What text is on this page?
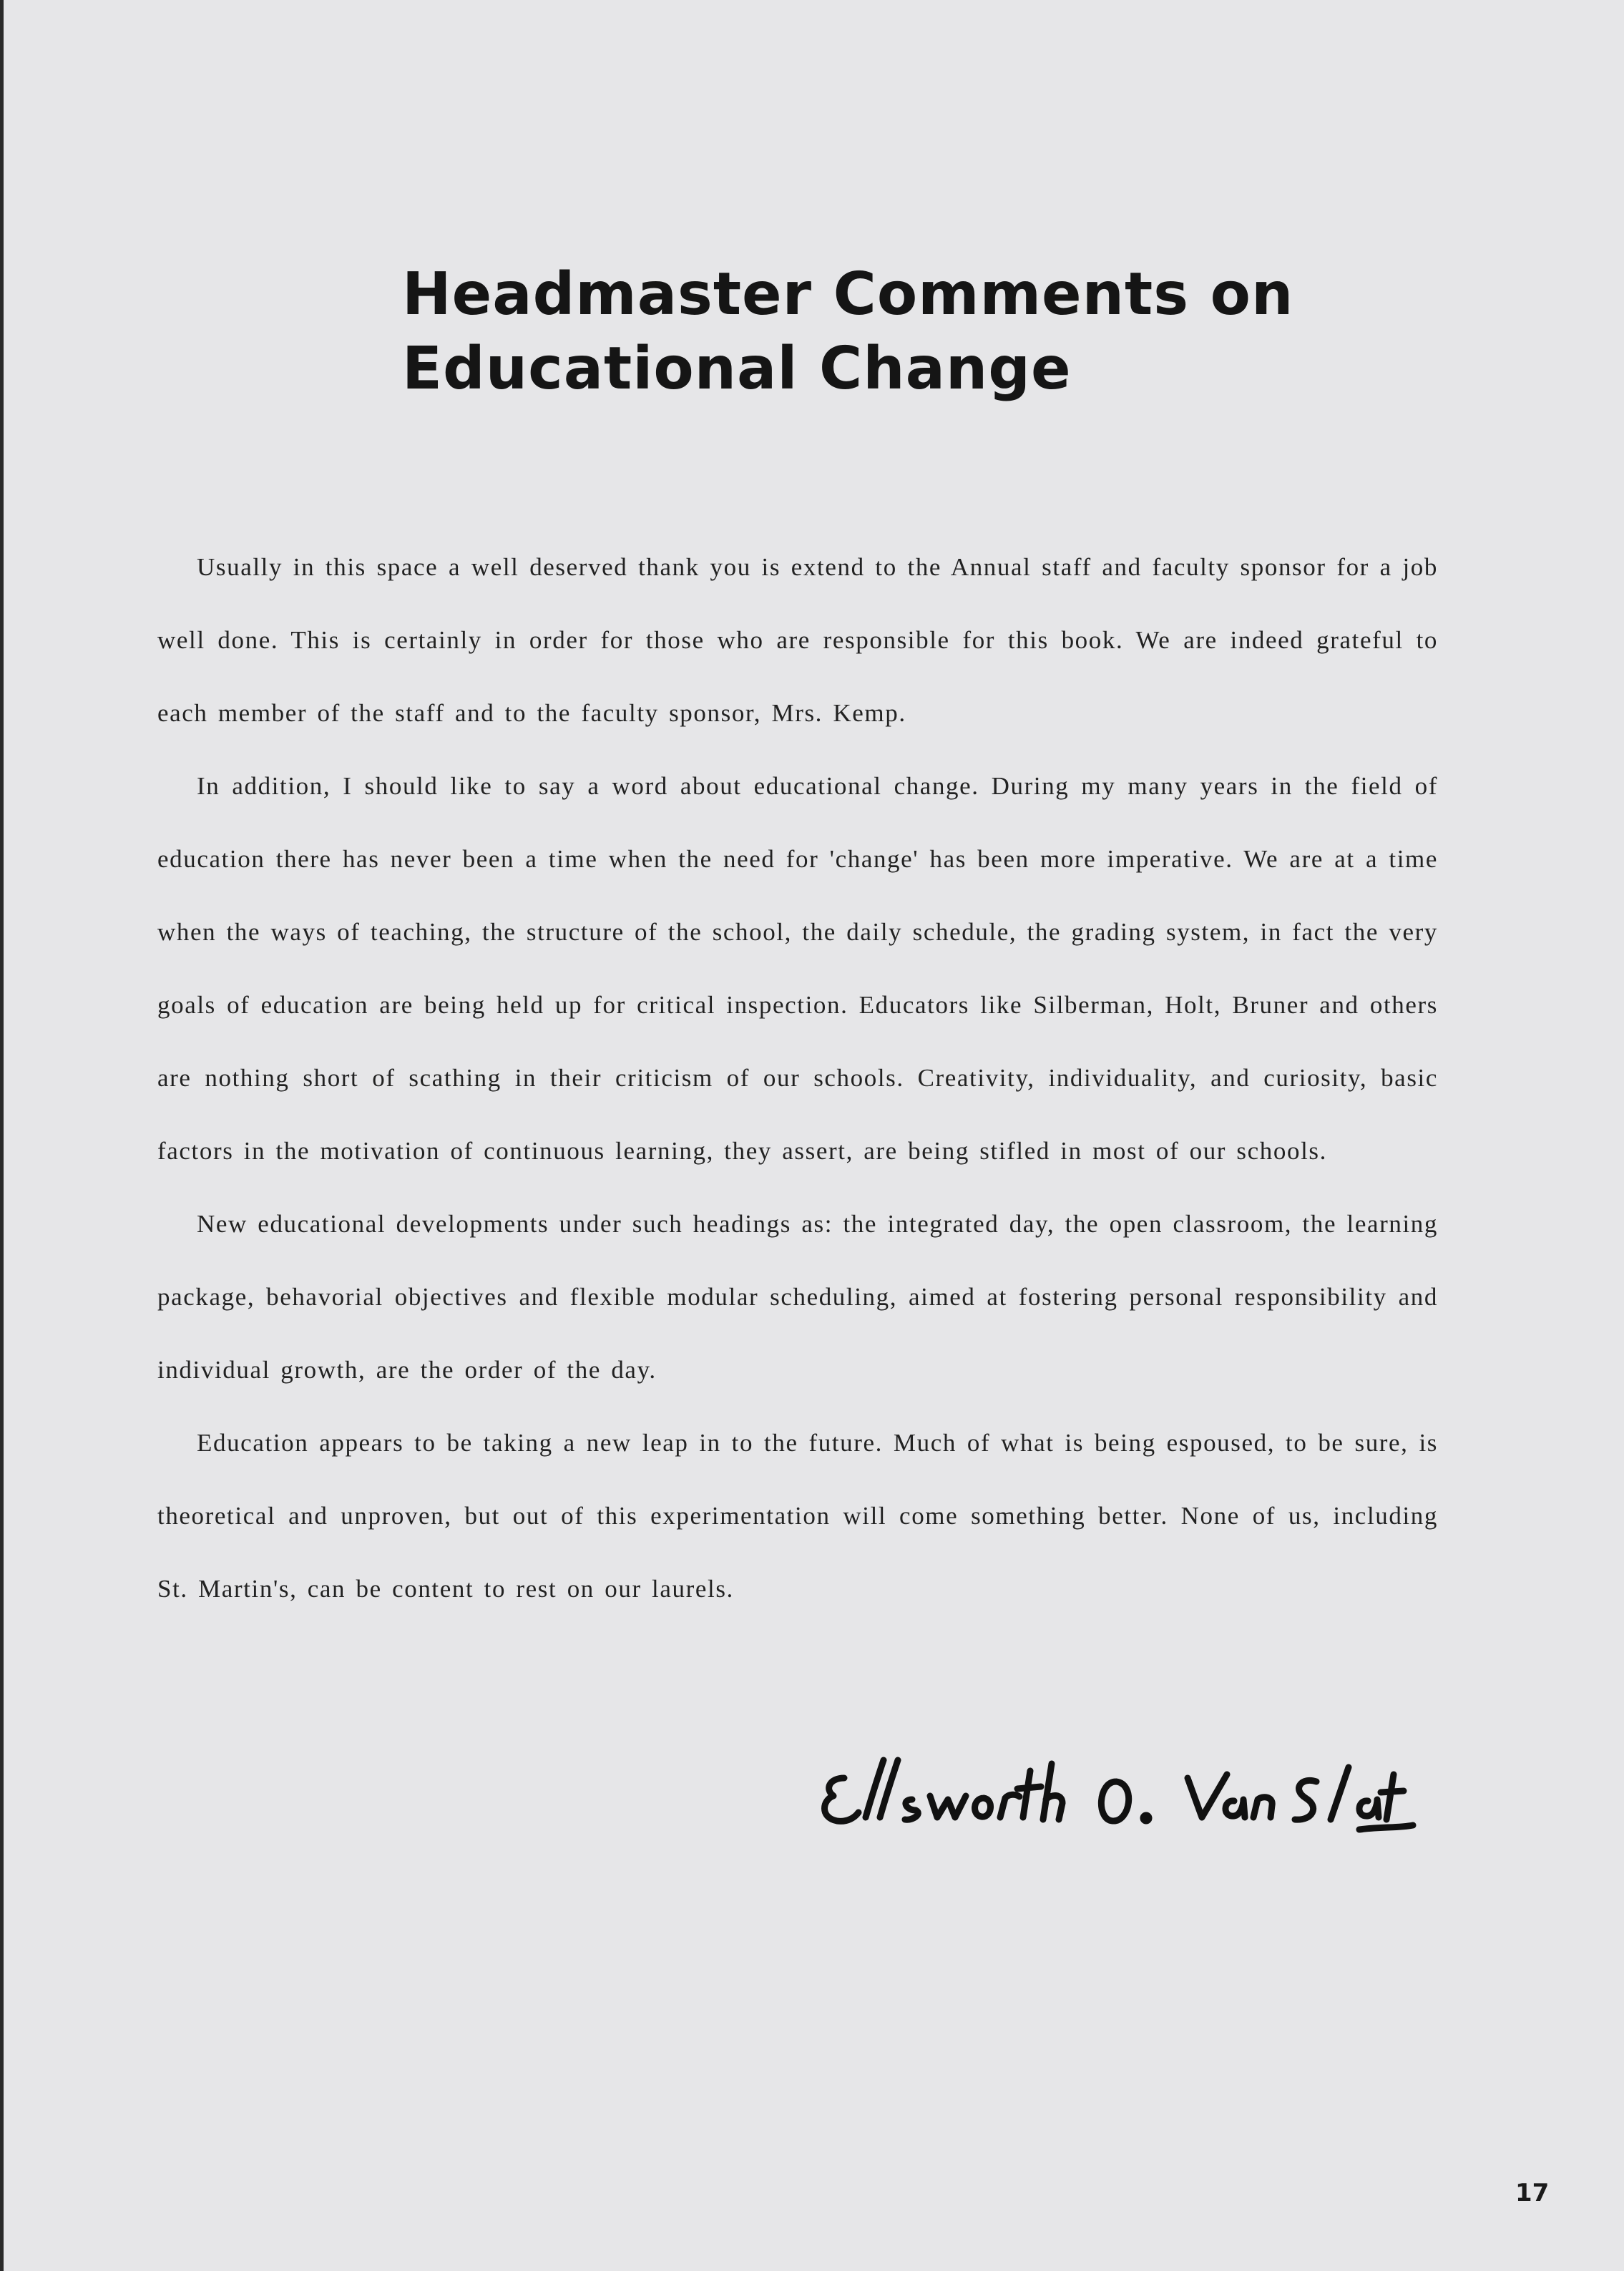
Headmaster Comments on
Educational Change

Usually in this space a well deserved thank you is extend to the Annual staff and faculty sponsor for a job well done. This is certainly in order for those who are responsible for this book. We are indeed grateful to each member of the staff and to the faculty sponsor, Mrs. Kemp.

In addition, I should like to say a word about educational change. During my many years in the field of education there has never been a time when the need for 'change' has been more imperative. We are at a time when the ways of teaching, the structure of the school, the daily schedule, the grading system, in fact the very goals of education are being held up for critical inspection. Educators like Silberman, Holt, Bruner and others are nothing short of scathing in their criticism of our schools. Creativity, individuality, and curiosity, basic factors in the motivation of continuous learning, they assert, are being stifled in most of our schools.

New educational developments under such headings as: the integrated day, the open classroom, the learning package, behavorial objectives and flexible modular scheduling, aimed at fostering personal responsibility and individual growth, are the order of the day.

Education appears to be taking a new leap in to the future. Much of what is being espoused, to be sure, is theoretical and unproven, but out of this experimentation will come something better. None of us, including St. Martin's, can be content to rest on our laurels.

17
